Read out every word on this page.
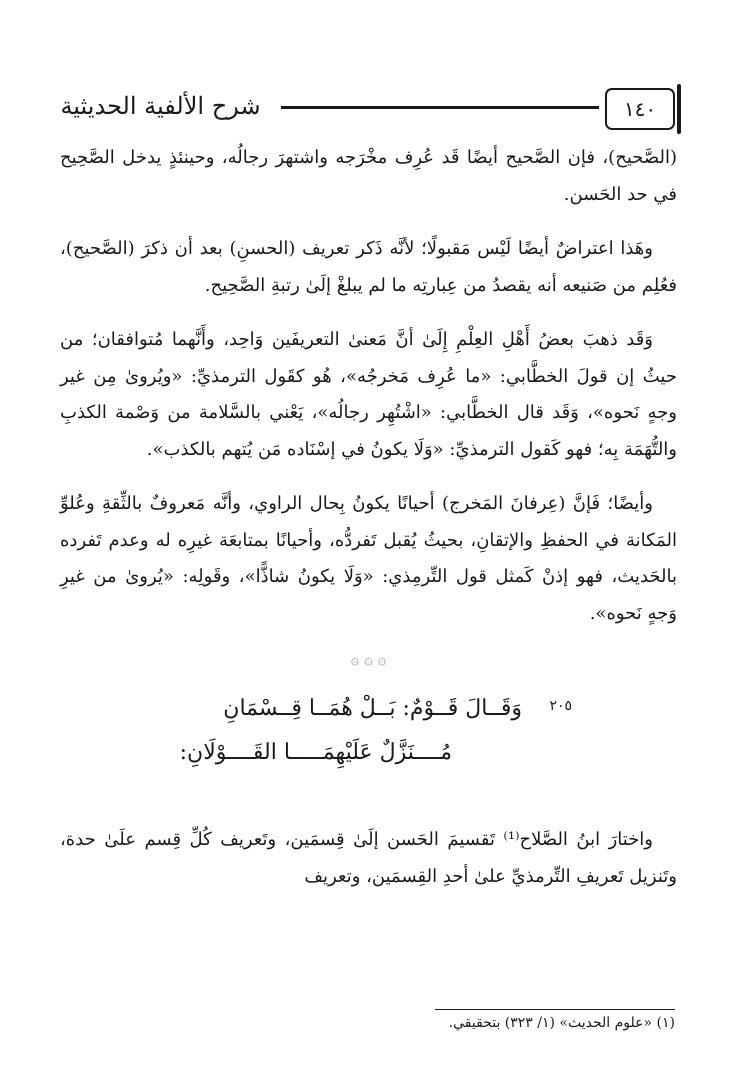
شرح الألفية الحديثية	١٤٠

(الصَّحيح)، فإن الصَّحيح أيضًا قَد عُرِف مخْرَجه واشتهرَ رجالُه، وحينئذٍ يدخل الصَّحِيح في حد الحَسن.

وهَذا اعتراضٌ أيضًا لَيْس مَقبولًا؛ لأنَّه ذَكر تعريف (الحسنِ) بعد أن ذكرَ (الصَّحيح)، فعُلِم من صَنيعه أنه يقصدُ من عِبارتِه ما لم يبلغْ إلَىٰ رتبةِ الصَّحِيح.

وَقَد ذهبَ بعضُ أَهْلِ العِلْمِ إِلَىٰ أنَّ مَعنىٰ التعريفَين وَاحِد، وأَنَّهما مُتوافقان؛ من حيثُ إن قولَ الخطَّابي: «ما عُرِف مَخرجُه»، هُو كقَول الترمذيِّ: «ويُروىٰ مِن غير وجهٍ نَحوه»، وَقَد قال الخطَّابي: «اشْتُهِر رجالُه»، يَعْني بالسَّلامة من وَصْمة الكذبِ والتُّهَمَة بِه؛ فهو كَقول الترمذيِّ: «وَلَا يكونُ في إسْنَاده مَن يُتهم بالكذب».

وأيضًا؛ فَإنَّ (عِرفانَ المَخرج) أحيانًا يكونُ بِحال الراوي، وأنَّه مَعروفٌ بالثِّقةِ وعُلوِّ المَكانة في الحفظِ والإتقانِ، بحيثُ يُقبل تَفردُّه، وأحيانًا بمتابعَة غيرِه له وعدم تَفرده بالحَديث، فهو إذنْ كَمثل قول التِّرمِذي: «وَلَا يكونُ شاذًّا»، وقَولِه: «يُروىٰ من غيرِ وَجهٍ نَحوه».

۞ ۞ ۞
٢٠٥
وَقَــالَ قَــوْمٌ: بَــلْ هُمَــا قِــسْمَانِ
مُــــنَزَّلٌ عَلَيْهِمَـــــا القَــــوْلَانِ:

واختارَ ابنُ الصَّلاح⁽¹⁾ تَقسيمَ الحَسن إلَىٰ قِسمَين، وتَعريف كُلِّ قِسم علَىٰ حدة، وتَنزيل تَعريفِ التِّرمذيِّ علىٰ أحدِ القِسمَين، وتعريف

(١) «علوم الحديث» (١/ ٣٢٣) بتحقيقي.
